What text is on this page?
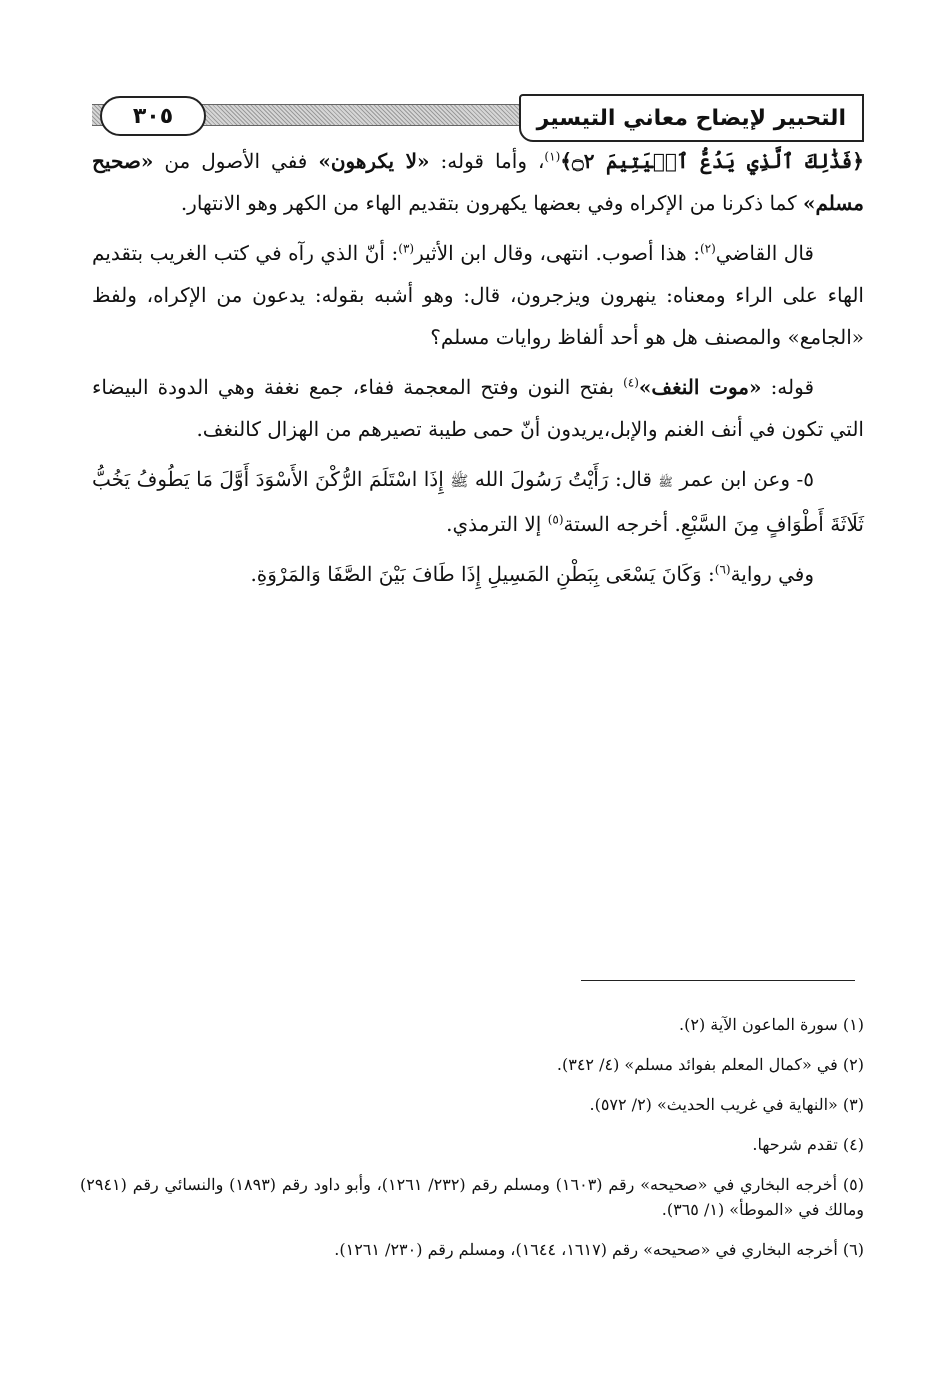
٣٠٥	التحبير لإيضاح معاني التيسير

﴿فَذَٰلِكَ ٱلَّذِي يَدُعُّ ٱلۡيَتِيمَ ۝٢﴾$^{(١)}$، وأما قوله: «لا يكرهون» ففي الأصول من «صحيح مسلم» كما ذكرنا من الإكراه وفي بعضها يكهرون بتقديم الهاء من الكهر وهو الانتهار.

قال القاضي$^{(٢)}$: هذا أصوب. انتهى، وقال ابن الأثير$^{(٣)}$: أنّ الذي رآه في كتب الغريب بتقديم الهاء على الراء ومعناه: ينهرون ويزجرون، قال: وهو أشبه بقوله: يدعون من الإكراه، ولفظ «الجامع» والمصنف هل هو أحد ألفاظ روايات مسلم؟

قوله: «موت النغف»$^{(٤)}$ بفتح النون وفتح المعجمة ففاء، جمع نغفة وهي الدودة البيضاء التي تكون في أنف الغنم والإبل،يريدون أنّ حمى طيبة تصيرهم من الهزال كالنغف.

٥- وعن ابن عمر ﷺ قال: رَأَيْتُ رَسُولَ الله ﷺ إِذَا اسْتَلَمَ الرُّكْنَ الأَسْوَدَ أَوَّلَ مَا يَطُوفُ يَخُبُّ ثَلَاثَةَ أَطْوَافٍ مِنَ السَّبْعِ. أخرجه الستة$^{(٥)}$ إلا الترمذي.

وفي رواية$^{(٦)}$: وَكَانَ يَسْعَى بِبَطْنِ المَسِيلِ إِذَا طَافَ بَيْنَ الصَّفَا وَالمَرْوَةِ.

(١) سورة الماعون الآية (٢).

(٢) في «كمال المعلم بفوائد مسلم» (٤/ ٣٤٢).

(٣) «النهاية في غريب الحديث» (٢/ ٥٧٢).

(٤) تقدم شرحها.

(٥) أخرجه البخاري في «صحيحه» رقم (١٦٠٣) ومسلم رقم (٢٣٢/ ١٢٦١)، وأبو داود رقم (١٨٩٣) والنسائي رقم (٢٩٤١) ومالك في «الموطأ» (١/ ٣٦٥).

(٦) أخرجه البخاري في «صحيحه» رقم (١٦١٧، ١٦٤٤)، ومسلم رقم (٢٣٠/ ١٢٦١).
